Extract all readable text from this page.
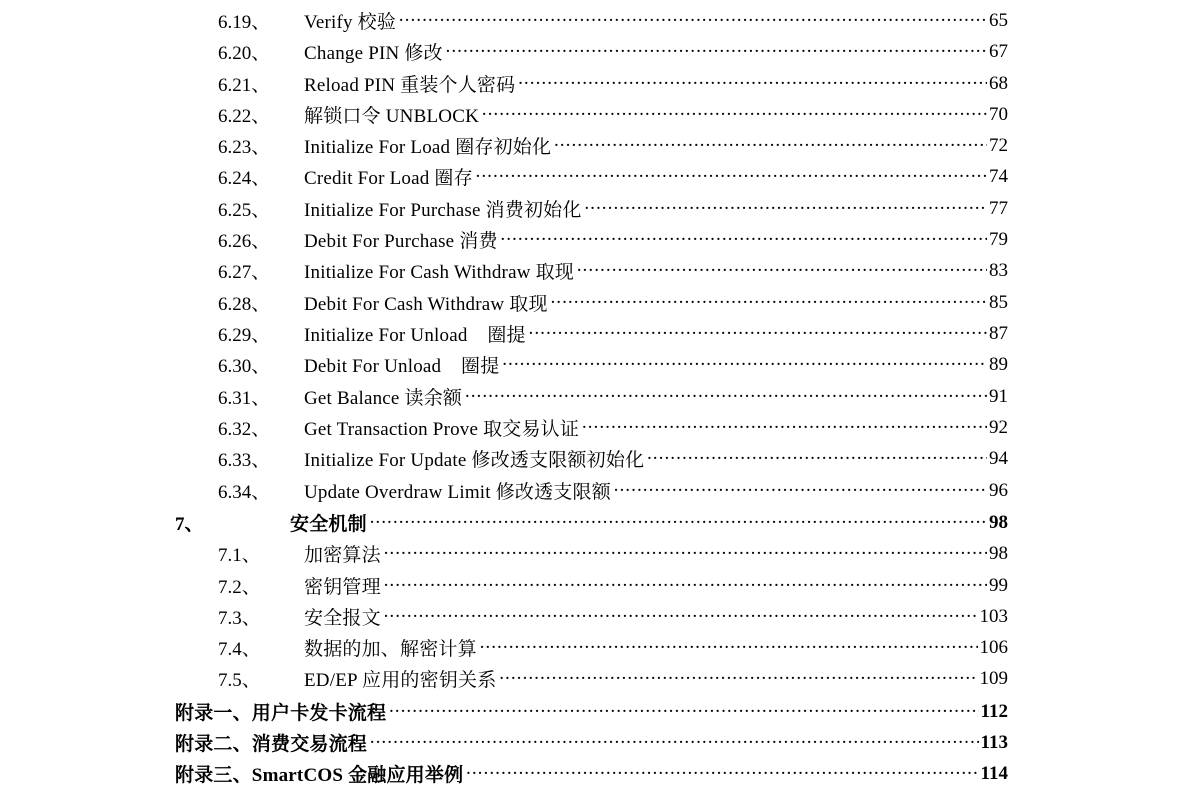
6.19、	Verify 校验 ·····	65
6.20、	Change PIN 修改 ·····	67
6.21、	Reload PIN 重装个人密码 ·····	68
6.22、	解锁口令 UNBLOCK ·····	70
6.23、	Initialize For Load 圈存初始化 ·····	72
6.24、	Credit For Load 圈存 ·····	74
6.25、	Initialize For Purchase 消费初始化 ·····	77
6.26、	Debit For Purchase 消费 ·····	79
6.27、	Initialize For Cash Withdraw 取现 ·····	83
6.28、	Debit For Cash Withdraw 取现 ·····	85
6.29、	Initialize For Unload    圈提 ·····	87
6.30、	Debit For Unload    圈提 ·····	89
6.31、	Get Balance 读余额 ·····	91
6.32、	Get Transaction Prove 取交易认证 ·····	92
6.33、	Initialize For Update 修改透支限额初始化 ·····	94
6.34、	Update Overdraw Limit 修改透支限额 ·····	96
7、	安全机制 ·····	98
7.1、	加密算法 ·····	98
7.2、	密钥管理 ·····	99
7.3、	安全报文 ·····	103
7.4、	数据的加、解密计算 ·····	106
7.5、	ED/EP 应用的密钥关系 ·····	109
附录一、用户卡发卡流程 ·····	112
附录二、消费交易流程 ·····	113
附录三、SmartCOS 金融应用举例 ·····	114
